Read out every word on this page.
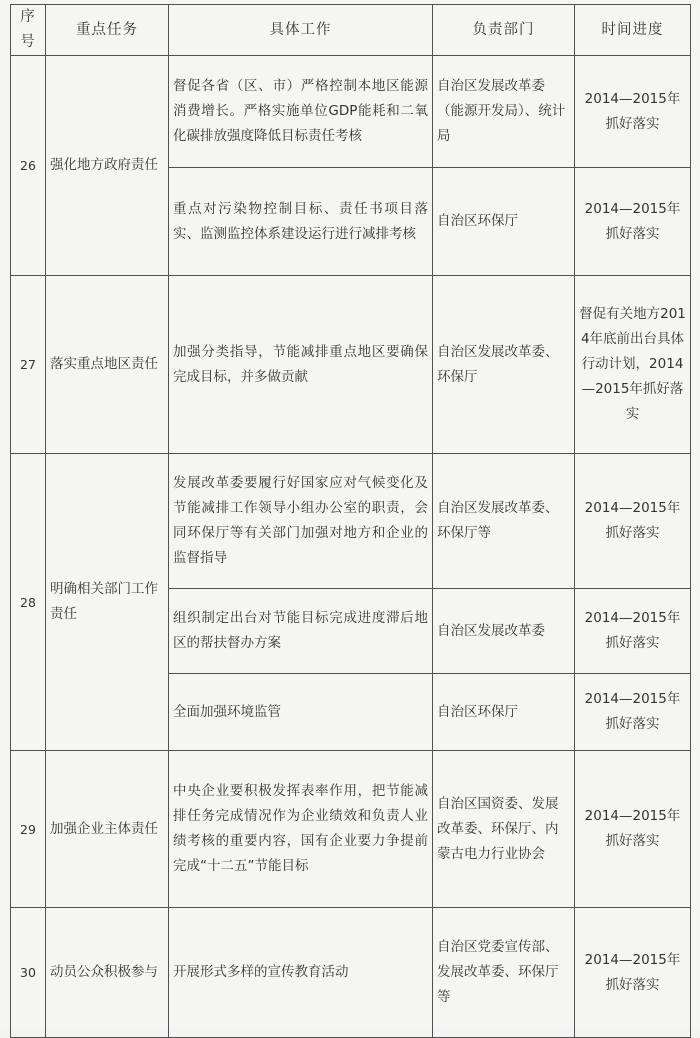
序号	重点任务	具体工作	负责部门	时间进度
26	强化地方政府责任	督促各省（区、市）严格控制本地区能源消费增长。严格实施单位GDP能耗和二氧化碳排放强度降低目标责任考核	自治区发展改革委（能源开发局）、统计局	2014—2015年抓好落实
		重点对污染物控制目标、责任书项目落实、监测监控体系建设运行进行减排考核	自治区环保厅	2014—2015年抓好落实
27	落实重点地区责任	加强分类指导，节能减排重点地区要确保完成目标，并多做贡献	自治区发展改革委、环保厅	督促有关地方2014年底前出台具体行动计划，2014—2015年抓好落实
28	明确相关部门工作责任	发展改革委要履行好国家应对气候变化及节能减排工作领导小组办公室的职责，会同环保厅等有关部门加强对地方和企业的监督指导	自治区发展改革委、环保厅等	2014—2015年抓好落实
		组织制定出台对节能目标完成进度滞后地区的帮扶督办方案	自治区发展改革委	2014—2015年抓好落实
		全面加强环境监管	自治区环保厅	2014—2015年抓好落实
29	加强企业主体责任	中央企业要积极发挥表率作用，把节能减排任务完成情况作为企业绩效和负责人业绩考核的重要内容，国有企业要力争提前完成“十二五”节能目标	自治区国资委、发展改革委、环保厅、内蒙古电力行业协会	2014—2015年抓好落实
30	动员公众积极参与	开展形式多样的宣传教育活动	自治区党委宣传部、发展改革委、环保厅等	2014—2015年抓好落实
